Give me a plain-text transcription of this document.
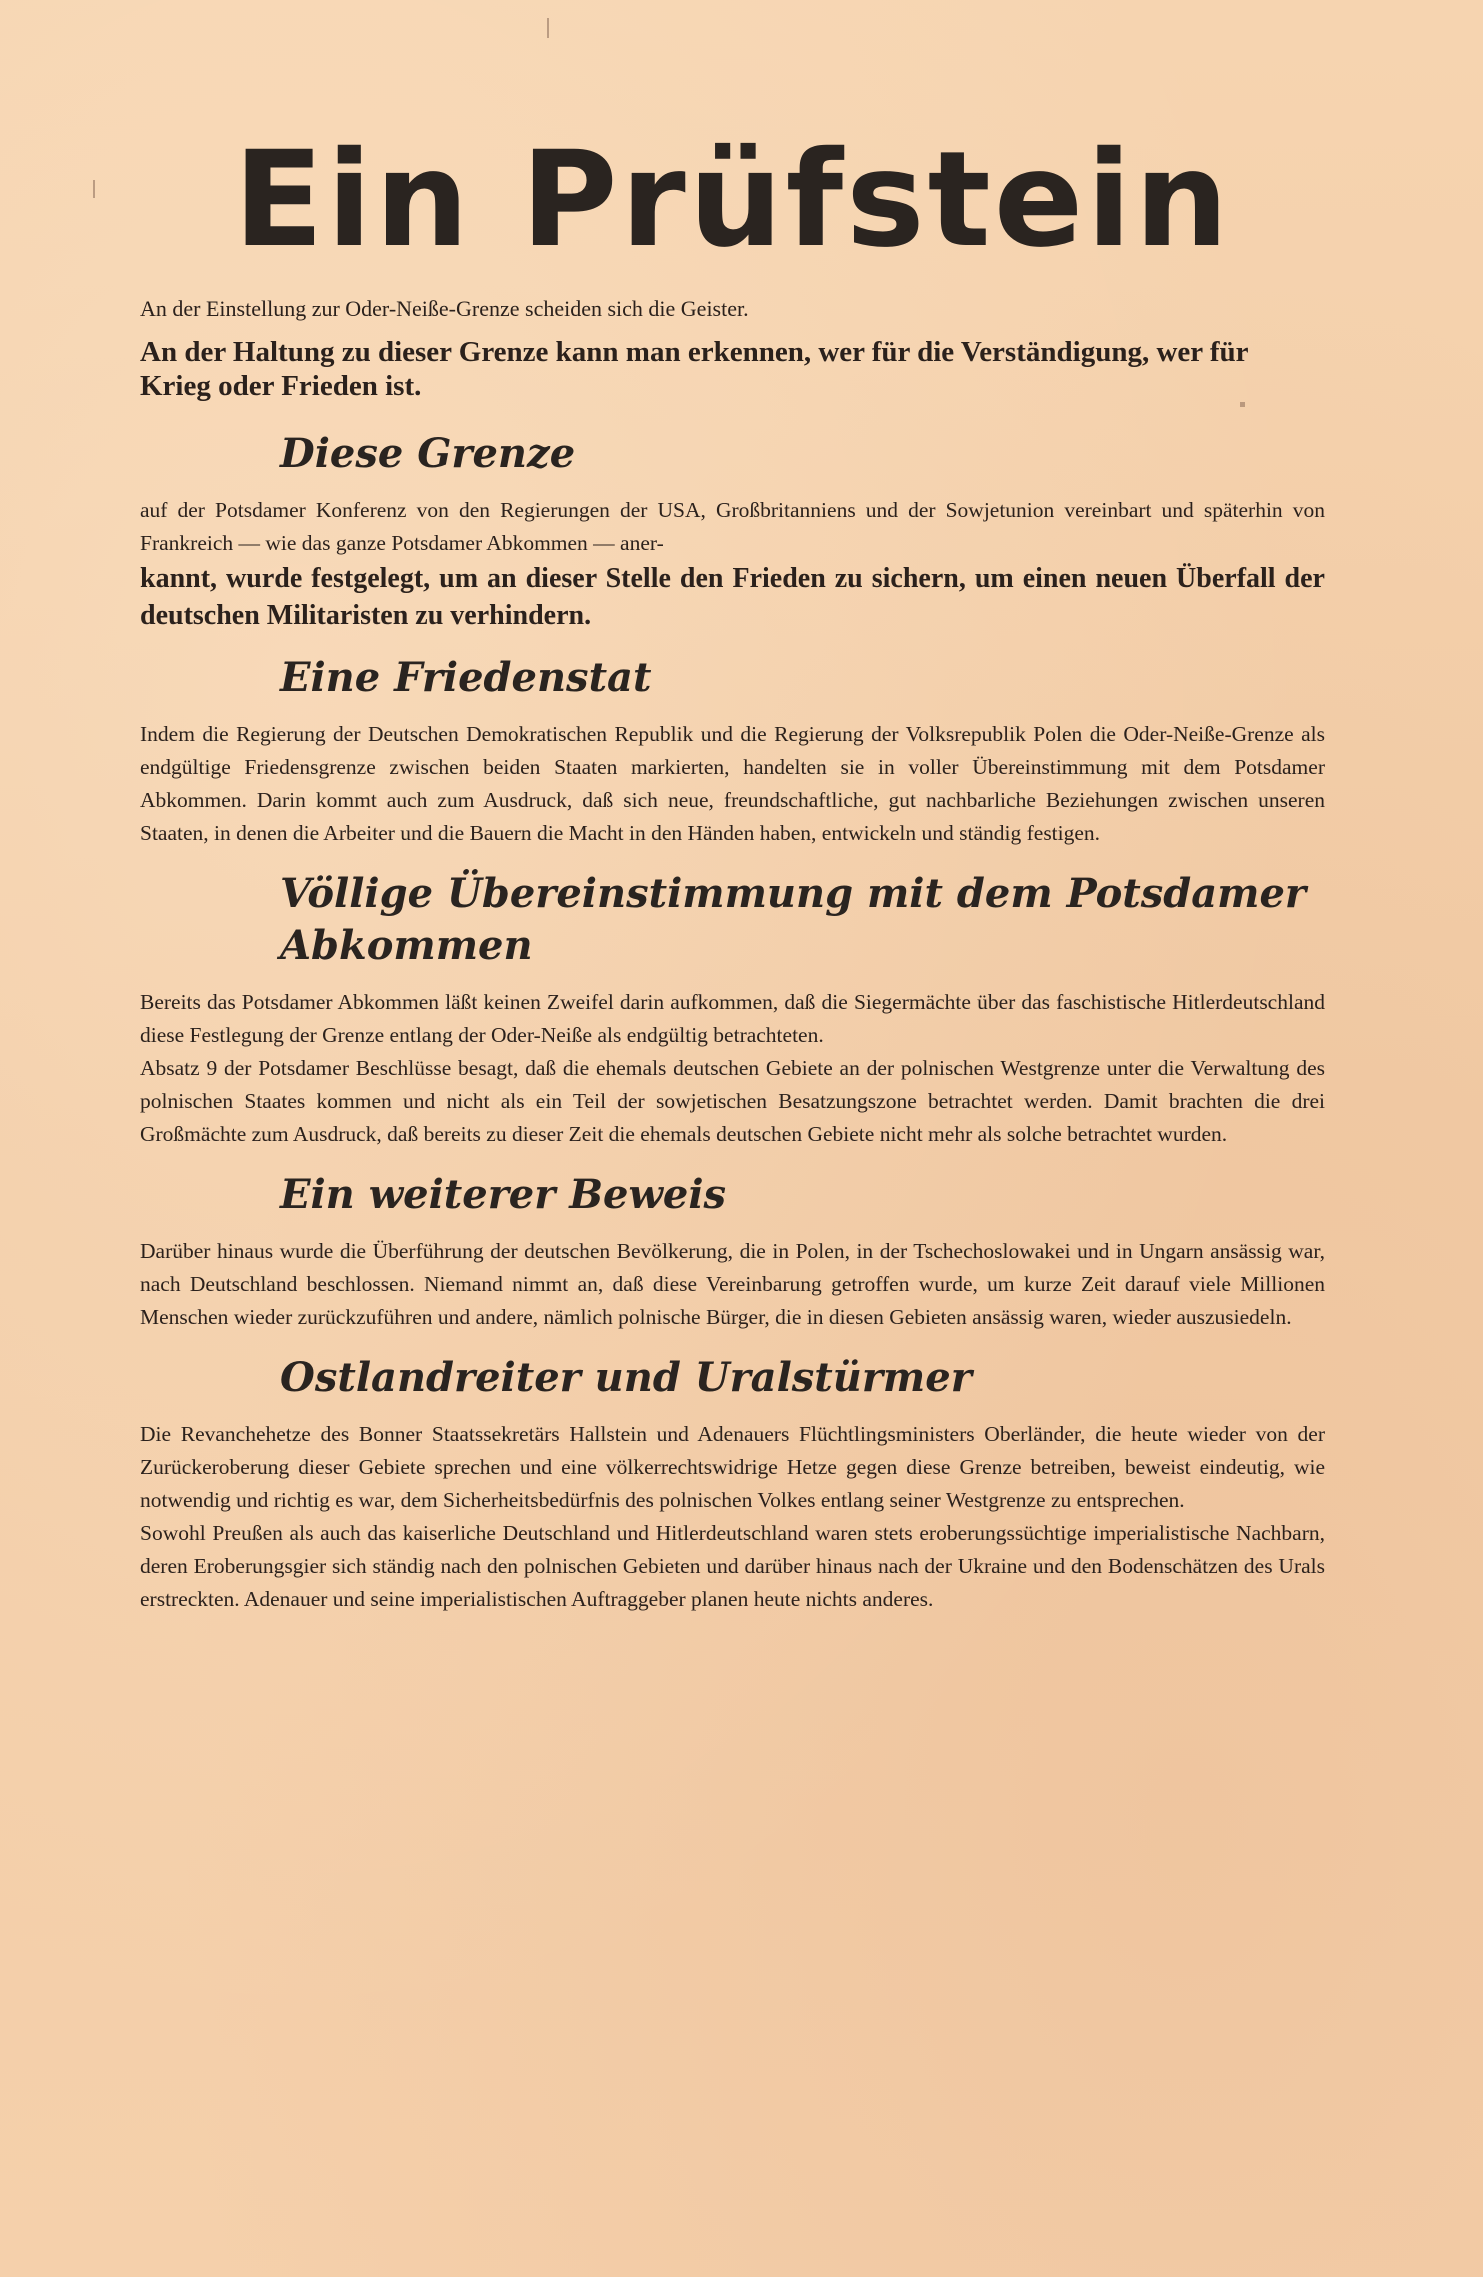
Ein Prüfstein

An der Einstellung zur Oder-Neiße-Grenze scheiden sich die Geister.

An der Haltung zu dieser Grenze kann man erkennen, wer für die Verständigung, wer für Krieg oder Frieden ist.

Diese Grenze

auf der Potsdamer Konferenz von den Regierungen der USA, Großbritanniens und der Sowjetunion vereinbart und späterhin von Frankreich — wie das ganze Potsdamer Abkommen — aner-

kannt, wurde festgelegt, um an dieser Stelle den Frieden zu sichern, um einen neuen Überfall der deutschen Militaristen zu verhindern.

Eine Friedenstat

Indem die Regierung der Deutschen Demokratischen Republik und die Regierung der Volksrepublik Polen die Oder-Neiße-Grenze als endgültige Friedensgrenze zwischen beiden Staaten markierten, handelten sie in voller Übereinstimmung mit dem Potsdamer Abkommen. Darin kommt auch zum Ausdruck, daß sich neue, freundschaftliche, gut nachbarliche Beziehungen zwischen unseren Staaten, in denen die Arbeiter und die Bauern die Macht in den Händen haben, entwickeln und ständig festigen.

Völlige Übereinstimmung mit dem Potsdamer Abkommen

Bereits das Potsdamer Abkommen läßt keinen Zweifel darin aufkommen, daß die Siegermächte über das faschistische Hitlerdeutschland diese Festlegung der Grenze entlang der Oder-Neiße als endgültig betrachteten.

Absatz 9 der Potsdamer Beschlüsse besagt, daß die ehemals deutschen Gebiete an der polnischen Westgrenze unter die Verwaltung des polnischen Staates kommen und nicht als ein Teil der sowjetischen Besatzungszone betrachtet werden. Damit brachten die drei Großmächte zum Ausdruck, daß bereits zu dieser Zeit die ehemals deutschen Gebiete nicht mehr als solche betrachtet wurden.

Ein weiterer Beweis

Darüber hinaus wurde die Überführung der deutschen Bevölkerung, die in Polen, in der Tschechoslowakei und in Ungarn ansässig war, nach Deutschland beschlossen. Niemand nimmt an, daß diese Vereinbarung getroffen wurde, um kurze Zeit darauf viele Millionen Menschen wieder zurückzuführen und andere, nämlich polnische Bürger, die in diesen Gebieten ansässig waren, wieder auszusiedeln.

Ostlandreiter und Uralstürmer

Die Revanchehetze des Bonner Staatssekretärs Hallstein und Adenauers Flüchtlingsministers Oberländer, die heute wieder von der Zurückeroberung dieser Gebiete sprechen und eine völkerrechtswidrige Hetze gegen diese Grenze betreiben, beweist eindeutig, wie notwendig und richtig es war, dem Sicherheitsbedürfnis des polnischen Volkes entlang seiner Westgrenze zu entsprechen.

Sowohl Preußen als auch das kaiserliche Deutschland und Hitlerdeutschland waren stets eroberungssüchtige imperialistische Nachbarn, deren Eroberungsgier sich ständig nach den polnischen Gebieten und darüber hinaus nach der Ukraine und den Bodenschätzen des Urals erstreckten. Adenauer und seine imperialistischen Auftraggeber planen heute nichts anderes.
